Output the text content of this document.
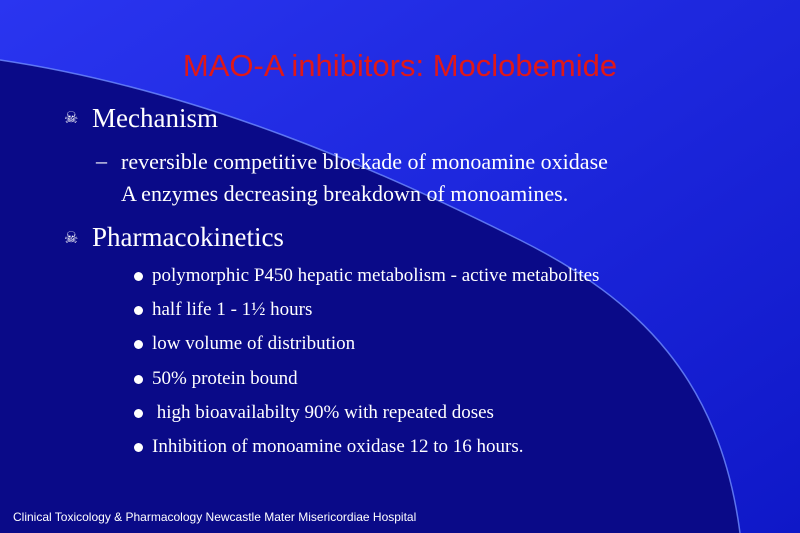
MAO-A inhibitors: Moclobemide
☠ Mechanism
– reversible competitive blockade of monoamine oxidase
A enzymes decreasing breakdown of monoamines.
☠ Pharmacokinetics
polymorphic P450 hepatic metabolism - active metabolites
half life 1 - 1½ hours
low volume of distribution
50% protein bound
high bioavailabilty 90% with repeated doses
Inhibition of monoamine oxidase 12 to 16 hours.
Clinical Toxicology & Pharmacology Newcastle Mater Misericordiae Hospital
